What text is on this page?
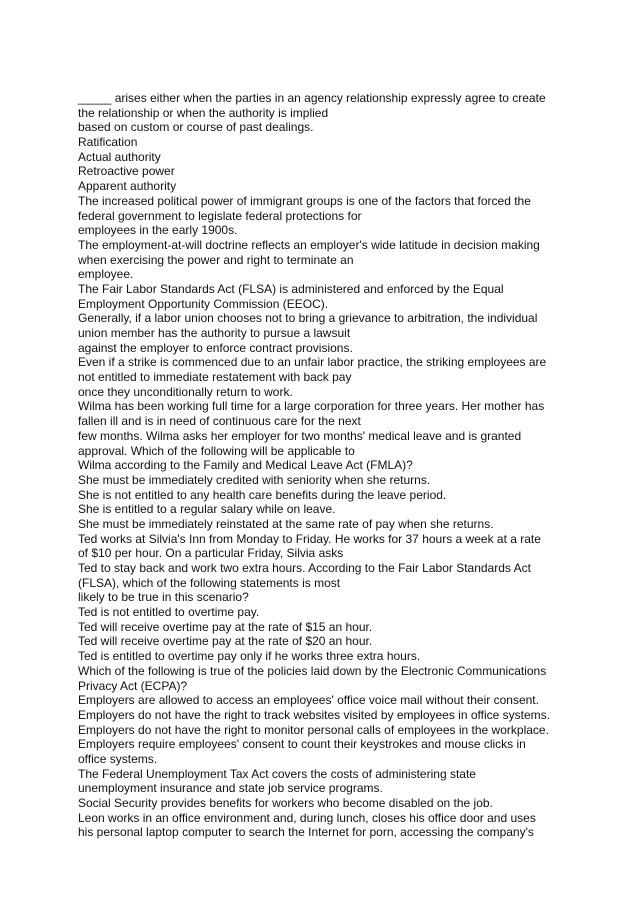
_____ arises either when the parties in an agency relationship expressly agree to create
the relationship or when the authority is implied
based on custom or course of past dealings.
Ratification
Actual authority
Retroactive power
Apparent authority
The increased political power of immigrant groups is one of the factors that forced the
federal government to legislate federal protections for
employees in the early 1900s.
The employment-at-will doctrine reflects an employer's wide latitude in decision making
when exercising the power and right to terminate an
employee.
The Fair Labor Standards Act (FLSA) is administered and enforced by the Equal
Employment Opportunity Commission (EEOC).
Generally, if a labor union chooses not to bring a grievance to arbitration, the individual
union member has the authority to pursue a lawsuit
against the employer to enforce contract provisions.
Even if a strike is commenced due to an unfair labor practice, the striking employees are
not entitled to immediate restatement with back pay
once they unconditionally return to work.
Wilma has been working full time for a large corporation for three years. Her mother has
fallen ill and is in need of continuous care for the next
few months. Wilma asks her employer for two months' medical leave and is granted
approval. Which of the following will be applicable to
Wilma according to the Family and Medical Leave Act (FMLA)?
She must be immediately credited with seniority when she returns.
She is not entitled to any health care benefits during the leave period.
She is entitled to a regular salary while on leave.
She must be immediately reinstated at the same rate of pay when she returns.
Ted works at Silvia's Inn from Monday to Friday. He works for 37 hours a week at a rate
of $10 per hour. On a particular Friday, Silvia asks
Ted to stay back and work two extra hours. According to the Fair Labor Standards Act
(FLSA), which of the following statements is most
likely to be true in this scenario?
Ted is not entitled to overtime pay.
Ted will receive overtime pay at the rate of $15 an hour.
Ted will receive overtime pay at the rate of $20 an hour.
Ted is entitled to overtime pay only if he works three extra hours.
Which of the following is true of the policies laid down by the Electronic Communications
Privacy Act (ECPA)?
Employers are allowed to access an employees' office voice mail without their consent.
Employers do not have the right to track websites visited by employees in office systems.
Employers do not have the right to monitor personal calls of employees in the workplace.
Employers require employees' consent to count their keystrokes and mouse clicks in
office systems.
The Federal Unemployment Tax Act covers the costs of administering state
unemployment insurance and state job service programs.
Social Security provides benefits for workers who become disabled on the job.
Leon works in an office environment and, during lunch, closes his office door and uses
his personal laptop computer to search the Internet for porn, accessing the company's
